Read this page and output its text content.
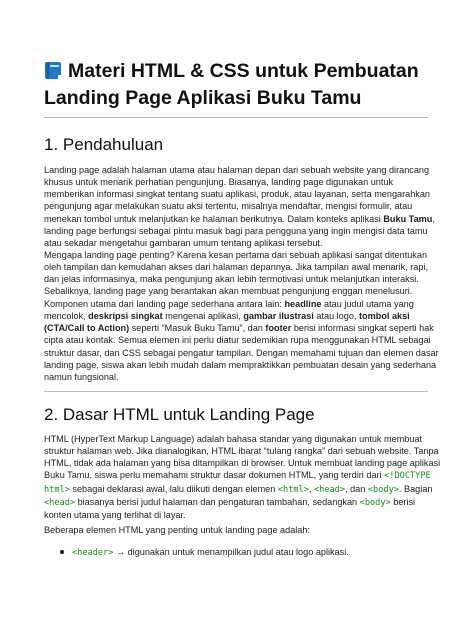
Materi HTML & CSS untuk Pembuatan Landing Page Aplikasi Buku Tamu
1. Pendahuluan

Landing page adalah halaman utama atau halaman depan dari sebuah website yang dirancang
khusus untuk menarik perhatian pengunjung. Biasanya, landing page digunakan untuk
memberikan informasi singkat tentang suatu aplikasi, produk, atau layanan, serta mengarahkan
pengunjung agar melakukan suatu aksi tertentu, misalnya mendaftar, mengisi formulir, atau
menekan tombol untuk melanjutkan ke halaman berikutnya. Dalam konteks aplikasi Buku Tamu,
landing page berfungsi sebagai pintu masuk bagi para pengguna yang ingin mengisi data tamu
atau sekadar mengetahui gambaran umum tentang aplikasi tersebut.

Mengapa landing page penting? Karena kesan pertama dari sebuah aplikasi sangat ditentukan
oleh tampilan dan kemudahan akses dari halaman depannya. Jika tampilan awal menarik, rapi,
dan jelas informasinya, maka pengunjung akan lebih termotivasi untuk melanjutkan interaksi.
Sebaliknya, landing page yang berantakan akan membuat pengunjung enggan menelusuri.

Komponen utama dari landing page sederhana antara lain: headline atau judul utama yang
mencolok, deskripsi singkat mengenai aplikasi, gambar ilustrasi atau logo, tombol aksi
(CTA/Call to Action) seperti “Masuk Buku Tamu”, dan footer berisi informasi singkat seperti hak
cipta atau kontak. Semua elemen ini perlu diatur sedemikian rupa menggunakan HTML sebagai
struktur dasar, dan CSS sebagai pengatur tampilan. Dengan memahami tujuan dan elemen dasar
landing page, siswa akan lebih mudah dalam mempraktikkan pembuatan desain yang sederhana
namun fungsional.

2. Dasar HTML untuk Landing Page

HTML (HyperText Markup Language) adalah bahasa standar yang digunakan untuk membuat
struktur halaman web. Jika dianalogikan, HTML ibarat “tulang rangka” dari sebuah website. Tanpa
HTML, tidak ada halaman yang bisa ditampilkan di browser. Untuk membuat landing page aplikasi
Buku Tamu, siswa perlu memahami struktur dasar dokumen HTML, yang terdiri dari <!DOCTYPE
html> sebagai deklarasi awal, lalu diikuti dengan elemen <html>, <head>, dan <body>. Bagian
<head> biasanya berisi judul halaman dan pengaturan tambahan, sedangkan <body> berisi
konten utama yang terlihat di layar.

Beberapa elemen HTML yang penting untuk landing page adalah:

<header> → digunakan untuk menampilkan judul atau logo aplikasi.
